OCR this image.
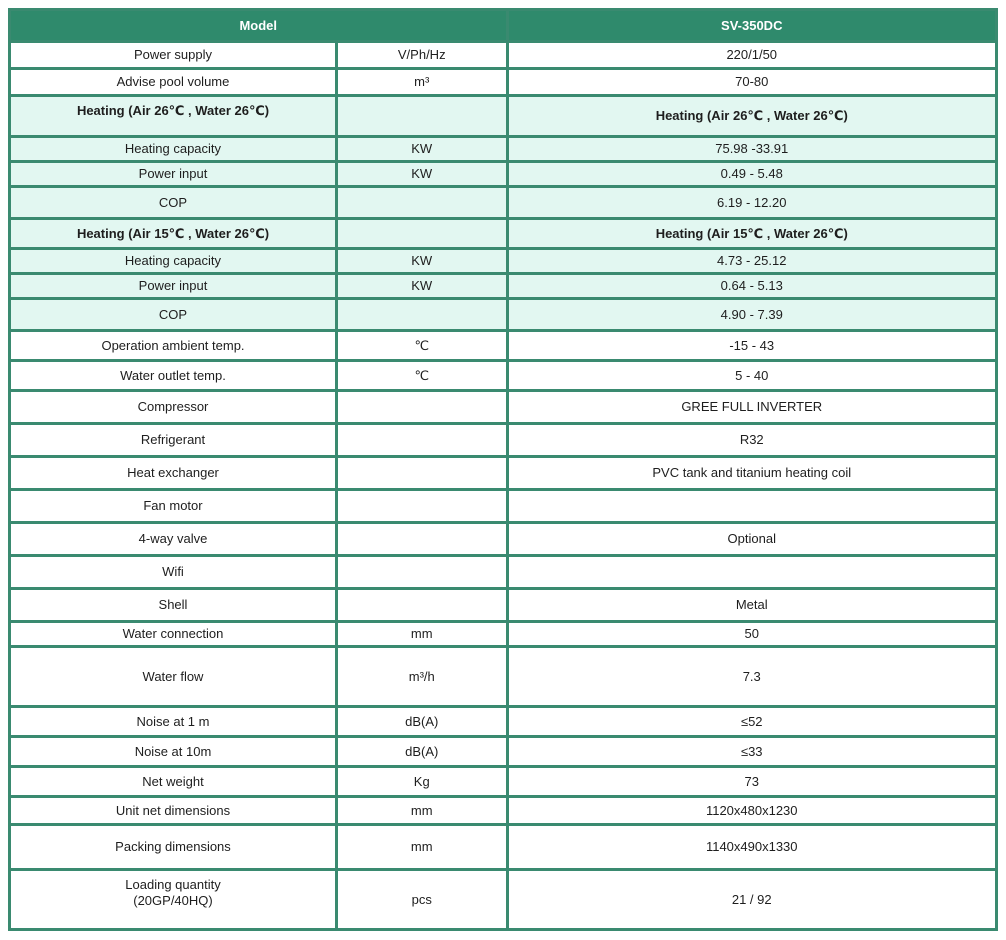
Model		SV-350DC
Power supply	V/Ph/Hz	220/1/50
Advise pool volume	m³	70-80
Heating (Air 26℃ , Water 26℃)		Heating (Air 26℃ , Water 26℃)
Heating capacity	KW	75.98 -33.91
Power input	KW	0.49 - 5.48
COP		6.19 - 12.20
Heating (Air 15℃ , Water 26℃)		Heating (Air 15℃ , Water 26℃)
Heating capacity	KW	4.73 - 25.12
Power input	KW	0.64 - 5.13
COP		4.90 - 7.39
Operation ambient temp.	℃	-15 - 43
Water outlet temp.	℃	5 - 40
Compressor		GREE FULL INVERTER
Refrigerant		R32
Heat exchanger		PVC tank and titanium heating coil
Fan motor		
4-way valve		Optional
Wifi		
Shell		Metal
Water connection	mm	50
Water flow	m³/h	7.3
Noise at 1 m	dB(A)	≤52
Noise at 10m	dB(A)	≤33
Net weight	Kg	73
Unit net dimensions	mm	1120x480x1230
Packing dimensions	mm	1140x490x1330
Loading quantity
(20GP/40HQ)	pcs	21 / 92
